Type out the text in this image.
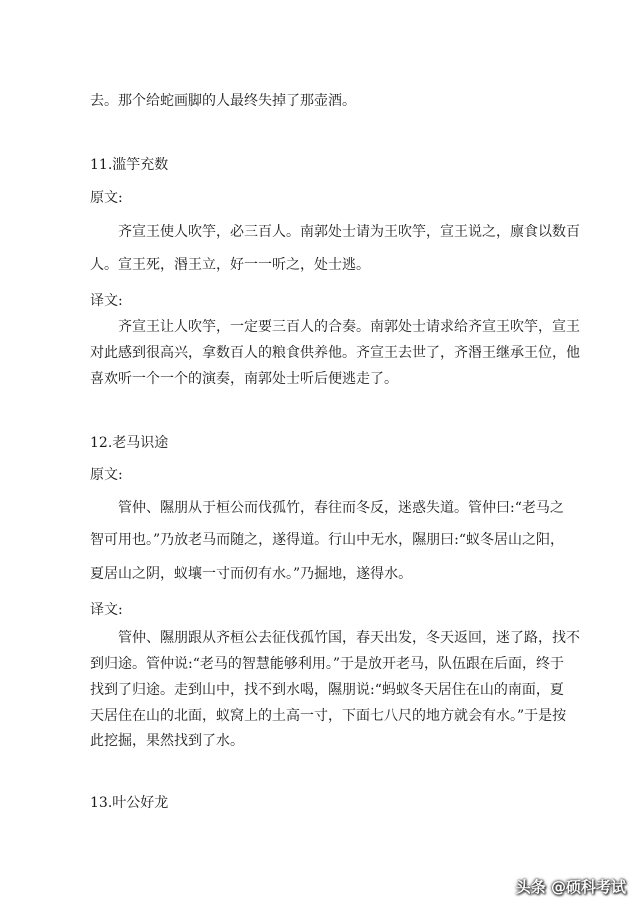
去。那个给蛇画脚的人最终失掉了那壶酒。
11.滥竽充数
原文:
齐宣王使人吹竽，必三百人。南郭处士请为王吹竽，宣王说之，廪食以数百
人。宣王死，湣王立，好一一听之，处士逃。
译文:
齐宣王让人吹竽，一定要三百人的合奏。南郭处士请求给齐宣王吹竽，宣王
对此感到很高兴，拿数百人的粮食供养他。齐宣王去世了，齐湣王继承王位，他
喜欢听一个一个的演奏，南郭处士听后便逃走了。
12.老马识途
原文:
管仲、隰朋从于桓公而伐孤竹，春往而冬反，迷惑失道。管仲曰:“老马之
智可用也。”乃放老马而随之，遂得道。行山中无水，隰朋曰:“蚁冬居山之阳，
夏居山之阴，蚁壤一寸而仞有水。”乃掘地，遂得水。
译文:
管仲、隰朋跟从齐桓公去征伐孤竹国，春天出发，冬天返回，迷了路，找不
到归途。管仲说:“老马的智慧能够利用。”于是放开老马，队伍跟在后面，终于
找到了归途。走到山中，找不到水喝，隰朋说:“蚂蚁冬天居住在山的南面，夏
天居住在山的北面，蚁窝上的土高一寸，下面七八尺的地方就会有水。”于是按
此挖掘，果然找到了水。
13.叶公好龙
头条 @硕科考试
